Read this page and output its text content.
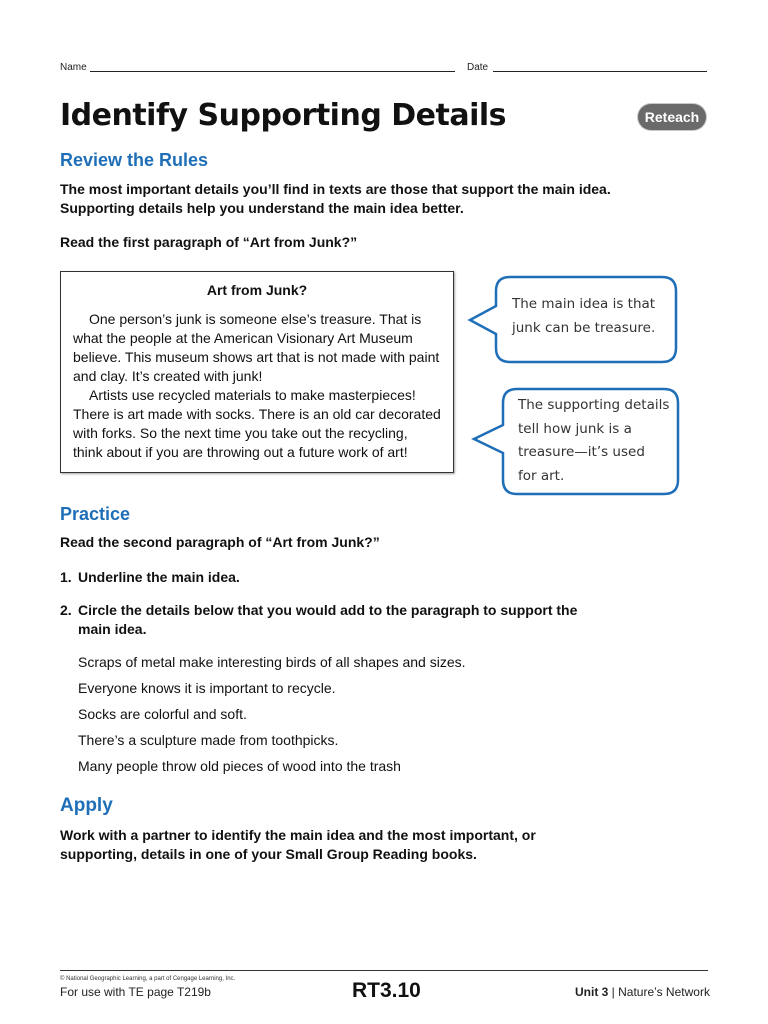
Name	Date
Identify Supporting Details	Reteach
Review the Rules

The most important details you’ll find in texts are those that support the main idea. Supporting details help you understand the main idea better.

Read the first paragraph of “Art from Junk?”

Art from Junk?

One person’s junk is someone else’s treasure. That is what the people at the American Visionary Art Museum believe. This museum shows art that is not made with paint and clay. It’s created with junk!

Artists use recycled materials to make masterpieces! There is art made with socks. There is an old car decorated with forks. So the next time you take out the recycling, think about if you are throwing out a future work of art!

The main idea is that
junk can be treasure.
The supporting details
tell how junk is a
treasure—it’s used
for art.
Practice

Read the second paragraph of “Art from Junk?”

1. Underline the main idea.

2. Circle the details below that you would add to the paragraph to support the main idea.

Scraps of metal make interesting birds of all shapes and sizes.
Everyone knows it is important to recycle.
Socks are colorful and soft.
There’s a sculpture made from toothpicks.
Many people throw old pieces of wood into the trash
Apply

Work with a partner to identify the main idea and the most important, or supporting, details in one of your Small Group Reading books.

© National Geographic Learning, a part of Cengage Learning, Inc.
For use with TE page T219b	RT3.10	Unit 3 | Nature’s Network
